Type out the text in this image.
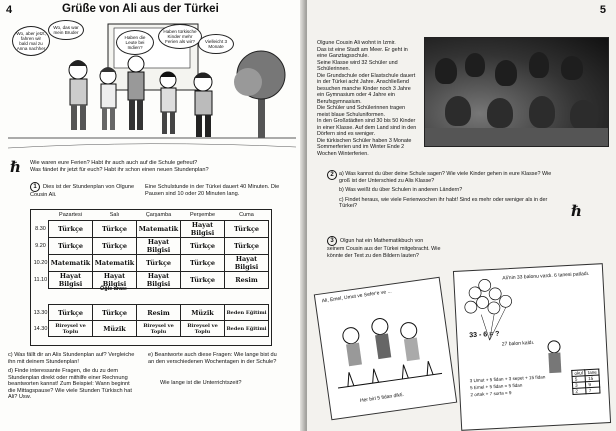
4	Grüße von Ali aus der Türkei
Wo, aber jetzt, fahren wir bald mal zu Anna nachher
Wo, das war mein Bruder
Haben die Leute bei Indien?
Haben türkische Kinder mehr Ferien als wir?	Vielleicht 3 Monate
ℏ Wie waren eure Ferien? Habt ihr auch auch auf die Schule gefreut?
Was fändet ihr jetzt für euch? Habt ihr schon einen neuen Stundenplan?
1 Dies ist der Stundenplan von Olgune Cousin Ali.
Eine Schulstunde in der Türkei dauert 40 Minuten. Die Pausen sind 10 oder 20 Minuten lang.
	Pazartesi	Salı	Çarşamba	Perşembe	Cuma
8.30	Türkçe	Türkçe	Matematik	Hayat Bilgisi	Türkçe
9.20	Türkçe	Türkçe	Hayat Bilgisi	Türkçe	Türkçe
10.20	Matematik	Matematik	Türkçe	Türkçe	Hayat Bilgisi
11.10	Hayat Bilgisi	Hayat Bilgisi	Hayat Bilgisi	Türkçe	Resim
13.30	Türkçe	Türkçe	Resim	Müzik	Beden Eğitimi
14.30	Bireysel ve Toplu	Müzik	Bireysel ve Toplu	Bireysel ve Toplu	Beden Eğitimi
Öğle arası
c) Was fällt dir an Alis Stundenplan auf? Vergleiche ihn mit deinem Stundenplan!
d) Finde interessante Fragen, die du zu dem Stundenplan direkt oder mithilfe einer Rechnung beantworten kannst! Zum Beispiel: Wann beginnt die Mittagspause? Wie viele Stunden Türkisch hat Ali? Usw.
e) Beantworte auch diese Fragen: Wie lange bist du an den verschiedenen Wochentagen in der Schule?
Wie lange ist die Unterrichtszeit?
5
Olgune Cousin Ali wohnt in Izmir.
Das ist eine Stadt am Meer. Er geht in eine Ganztagsschule.
Seine Klasse wird 32 Schüler und Schülerinnen.
Die Grundschule oder Elastschule dauert in der Türkei acht Jahre. Anschließend besuchen manche Kinder noch 3 Jahre ein Gymnasium oder 4 Jahre ein Berufsgymnasium.
Die Schüler und Schülerinnen tragen meist blaue Schuluniformen.
In den Großstädten sind 30 bis 50 Kinder in einer Klasse. Auf dem Land sind in den Dörfern sind es weniger.
Die türkischen Schüler haben 3 Monate Sommerferien und im Winter Ende 2 Wochen Winterferien.
2 a) Was kannst du über deine Schule sagen? Wie viele Kinder gehen in eure Klasse? Wie groß ist der Unterschied zu Alis Klasse?
b) Was weißt du über Schulen in anderen Ländern?
c) Findet heraus, wie viele Ferienwochen ihr habt! Sind es mehr oder weniger als in der Türkei?	ℏ
3 Olgun hat ein Mathematikbuch von seinem Cousin aus der Türkei mitgebracht. Wie könnte der Text zu den Bildern lauten?
Ali, Emel, Umut ve Sefer'e ve ...
Her biri 5 fidan dikti.
Ali'nin 33 balonu vardı. 6 tanesi patladı.
33 - 6 = ?
27 balon kaldı.
3 Umut + 5 fidan + 3 sepet + 15 fidan
5 Emel + 5 fidan = 5 fidan
2 ortak + 7 sorta = 9
okul	tane
5	15
3	9
2	7
